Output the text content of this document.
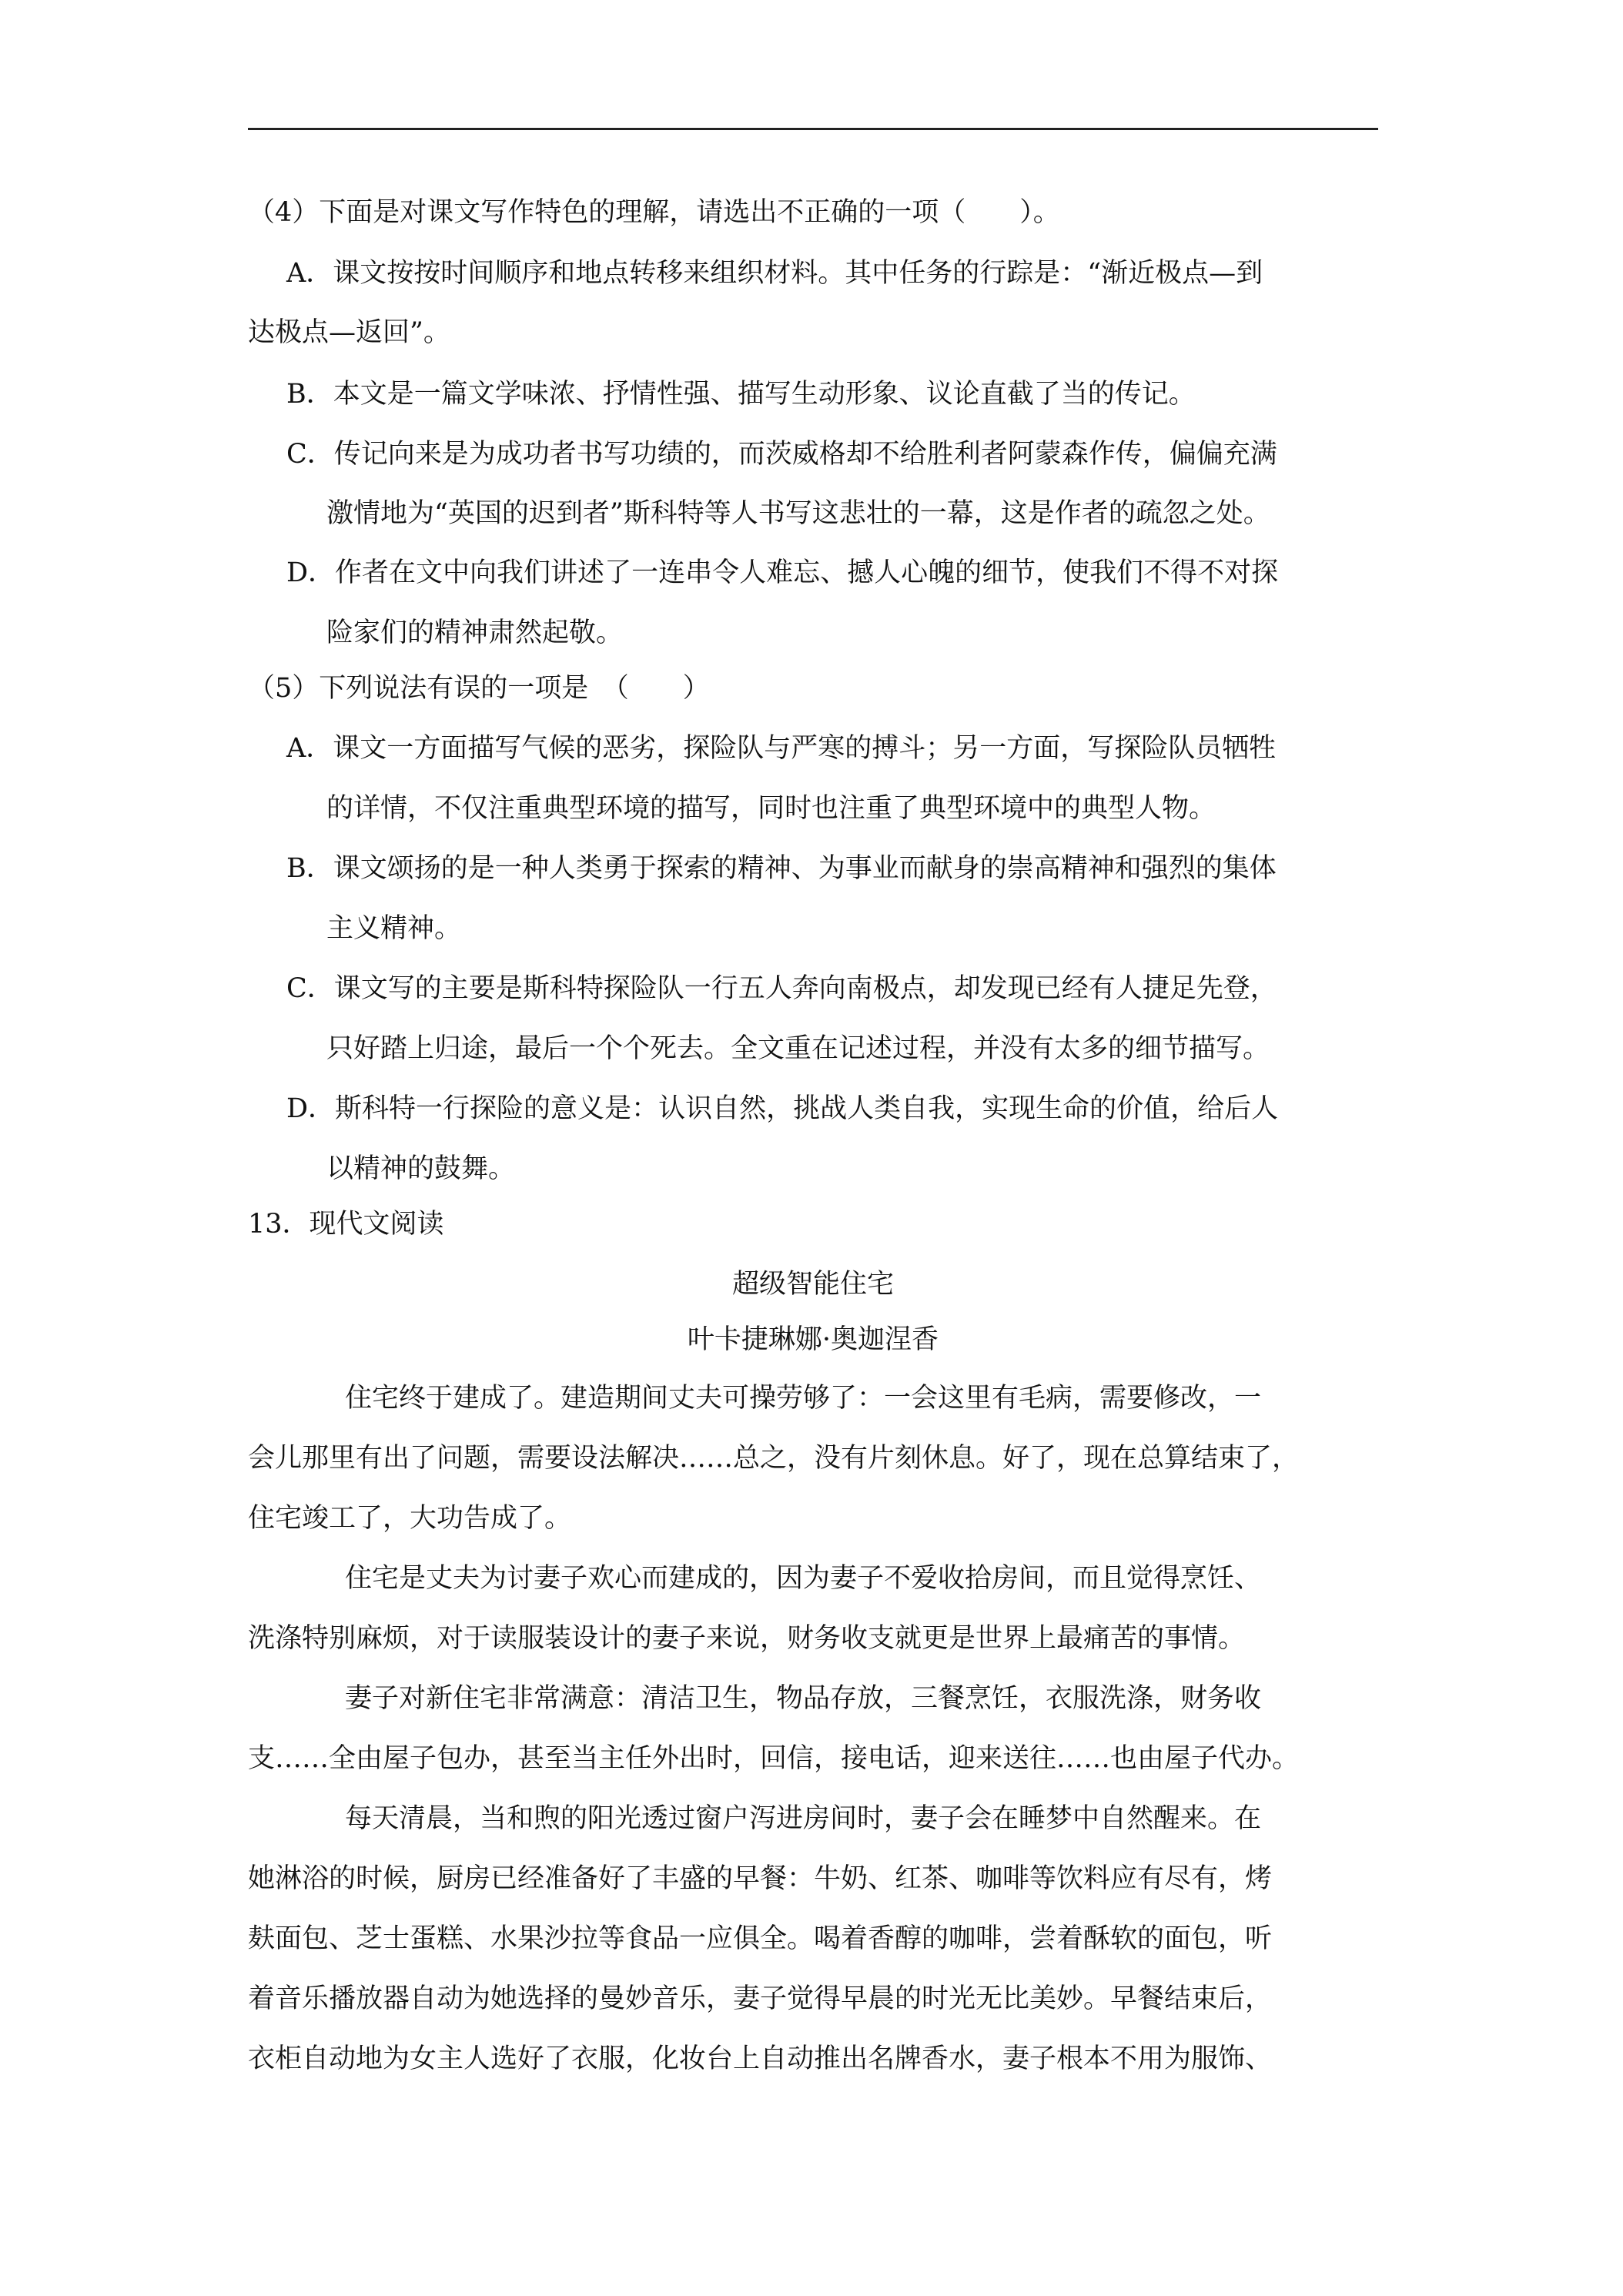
（4）下面是对课文写作特色的理解，请选出不正确的一项（　　）。
A．课文按按时间顺序和地点转移来组织材料。其中任务的行踪是：“渐近极点—到
达极点—返回”。
B．本文是一篇文学味浓、抒情性强、描写生动形象、议论直截了当的传记。
C．传记向来是为成功者书写功绩的，而茨威格却不给胜利者阿蒙森作传，偏偏充满
激情地为“英国的迟到者”斯科特等人书写这悲壮的一幕，这是作者的疏忽之处。
D．作者在文中向我们讲述了一连串令人难忘、撼人心魄的细节，使我们不得不对探
险家们的精神肃然起敬。
（5）下列说法有误的一项是　（　　）
A．课文一方面描写气候的恶劣，探险队与严寒的搏斗；另一方面，写探险队员牺牲
的详情，不仅注重典型环境的描写，同时也注重了典型环境中的典型人物。
B．课文颂扬的是一种人类勇于探索的精神、为事业而献身的崇高精神和强烈的集体
主义精神。
C．课文写的主要是斯科特探险队一行五人奔向南极点，却发现已经有人捷足先登，
只好踏上归途，最后一个个死去。全文重在记述过程，并没有太多的细节描写。
D．斯科特一行探险的意义是：认识自然，挑战人类自我，实现生命的价值，给后人
以精神的鼓舞。
13．现代文阅读
超级智能住宅
叶卡捷琳娜·奥迦涅香
住宅终于建成了。建造期间丈夫可操劳够了：一会这里有毛病，需要修改，一
会儿那里有出了问题，需要设法解决……总之，没有片刻休息。好了，现在总算结束了，
住宅竣工了，大功告成了。
住宅是丈夫为讨妻子欢心而建成的，因为妻子不爱收拾房间，而且觉得烹饪、
洗涤特别麻烦，对于读服装设计的妻子来说，财务收支就更是世界上最痛苦的事情。
妻子对新住宅非常满意：清洁卫生，物品存放，三餐烹饪，衣服洗涤，财务收
支……全由屋子包办，甚至当主任外出时，回信，接电话，迎来送往……也由屋子代办。
每天清晨，当和煦的阳光透过窗户泻进房间时，妻子会在睡梦中自然醒来。在
她淋浴的时候，厨房已经准备好了丰盛的早餐：牛奶、红茶、咖啡等饮料应有尽有，烤
麸面包、芝士蛋糕、水果沙拉等食品一应俱全。喝着香醇的咖啡，尝着酥软的面包，听
着音乐播放器自动为她选择的曼妙音乐，妻子觉得早晨的时光无比美妙。早餐结束后，
衣柜自动地为女主人选好了衣服，化妆台上自动推出名牌香水，妻子根本不用为服饰、
